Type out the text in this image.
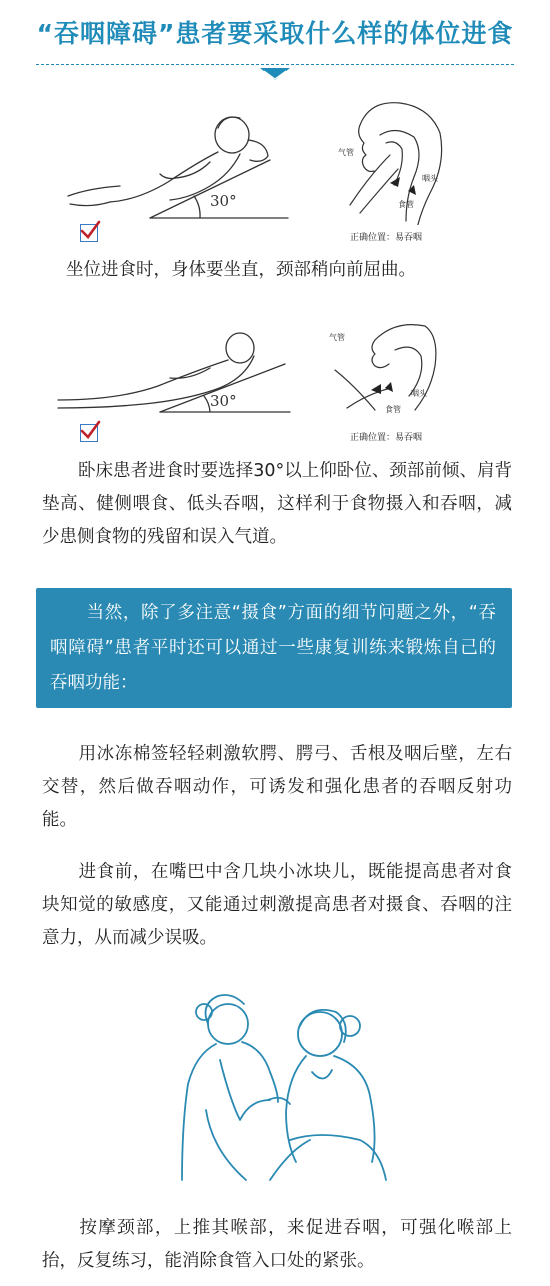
“吞咽障碍”患者要采取什么样的体位进食
30°
气管
咽头
食管
正确位置：易吞咽

坐位进食时，身体要坐直，颈部稍向前屈曲。

30°
气管
咽头
食管
正确位置：易吞咽

卧床患者进食时要选择30°以上仰卧位、颈部前倾、肩背垫高、健侧喂食、低头吞咽，这样利于食物摄入和吞咽，减少患侧食物的残留和误入气道。

当然，除了多注意“摄食”方面的细节问题之外，“吞咽障碍”患者平时还可以通过一些康复训练来锻炼自己的吞咽功能：

用冰冻棉签轻轻刺激软腭、腭弓、舌根及咽后壁，左右交替，然后做吞咽动作，可诱发和强化患者的吞咽反射功能。

进食前，在嘴巴中含几块小冰块儿，既能提高患者对食块知觉的敏感度，又能通过刺激提高患者对摄食、吞咽的注意力，从而减少误吸。

按摩颈部，上推其喉部，来促进吞咽，可强化喉部上抬，反复练习，能消除食管入口处的紧张。
